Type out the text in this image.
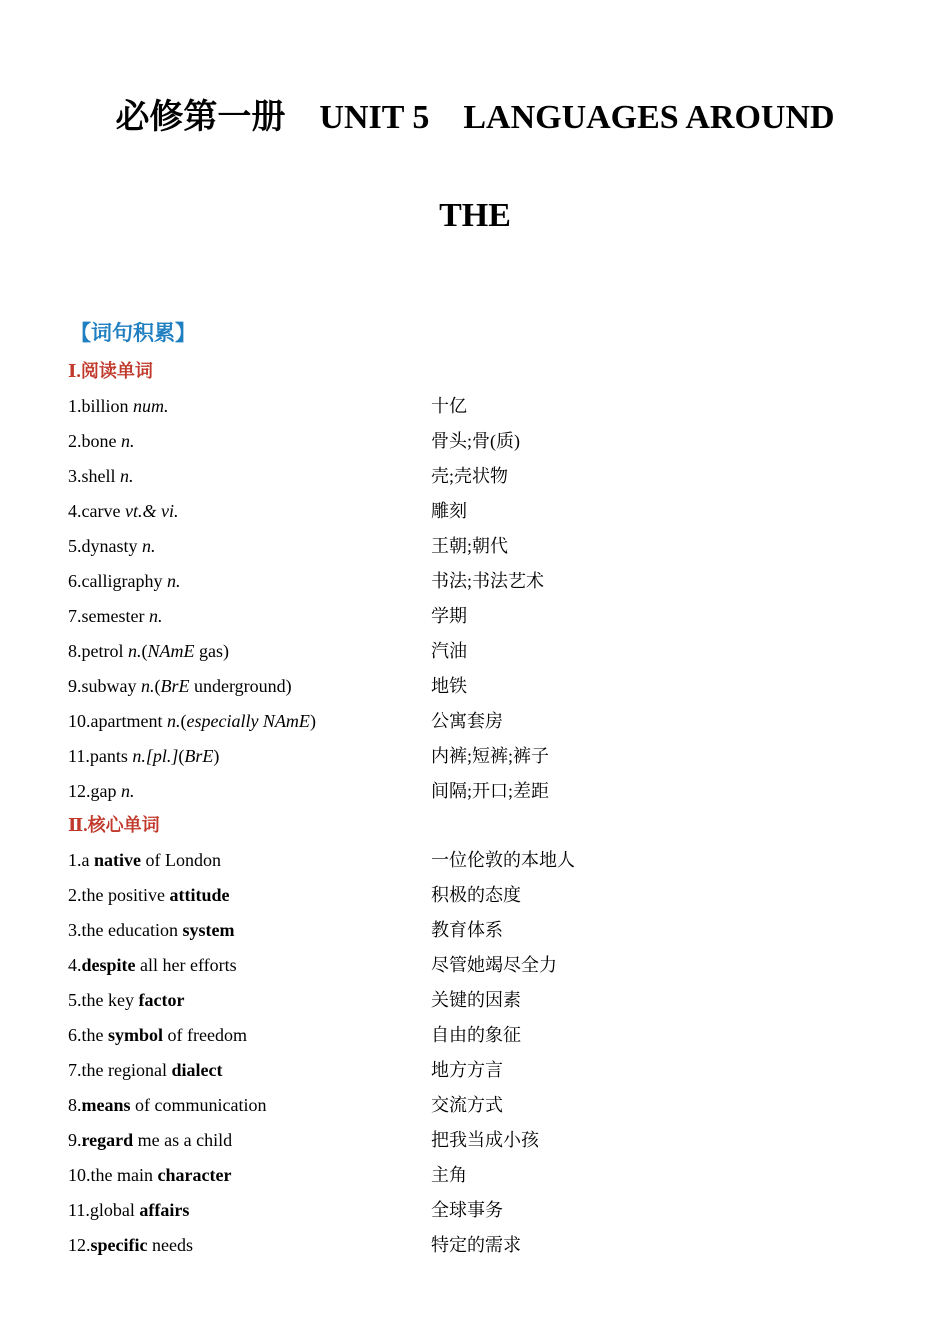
必修第一册　UNIT 5　LANGUAGES AROUND
THE
【词句积累】
Ⅰ.阅读单词
1.billion num.	十亿
2.bone n.	骨头;骨(质)
3.shell n.	壳;壳状物
4.carve vt.& vi.	雕刻
5.dynasty n.	王朝;朝代
6.calligraphy n.	书法;书法艺术
7.semester n.	学期
8.petrol n.(NAmE gas)	汽油
9.subway n.(BrE underground)	地铁
10.apartment n.(especially NAmE)	公寓套房
11.pants n.[pl.](BrE)	内裤;短裤;裤子
12.gap n.	间隔;开口;差距
Ⅱ.核心单词
1.a native of London	一位伦敦的本地人
2.the positive attitude	积极的态度
3.the education system	教育体系
4.despite all her efforts	尽管她竭尽全力
5.the key factor	关键的因素
6.the symbol of freedom	自由的象征
7.the regional dialect	地方方言
8.means of communication	交流方式
9.regard me as a child	把我当成小孩
10.the main character	主角
11.global affairs	全球事务
12.specific needs	特定的需求
